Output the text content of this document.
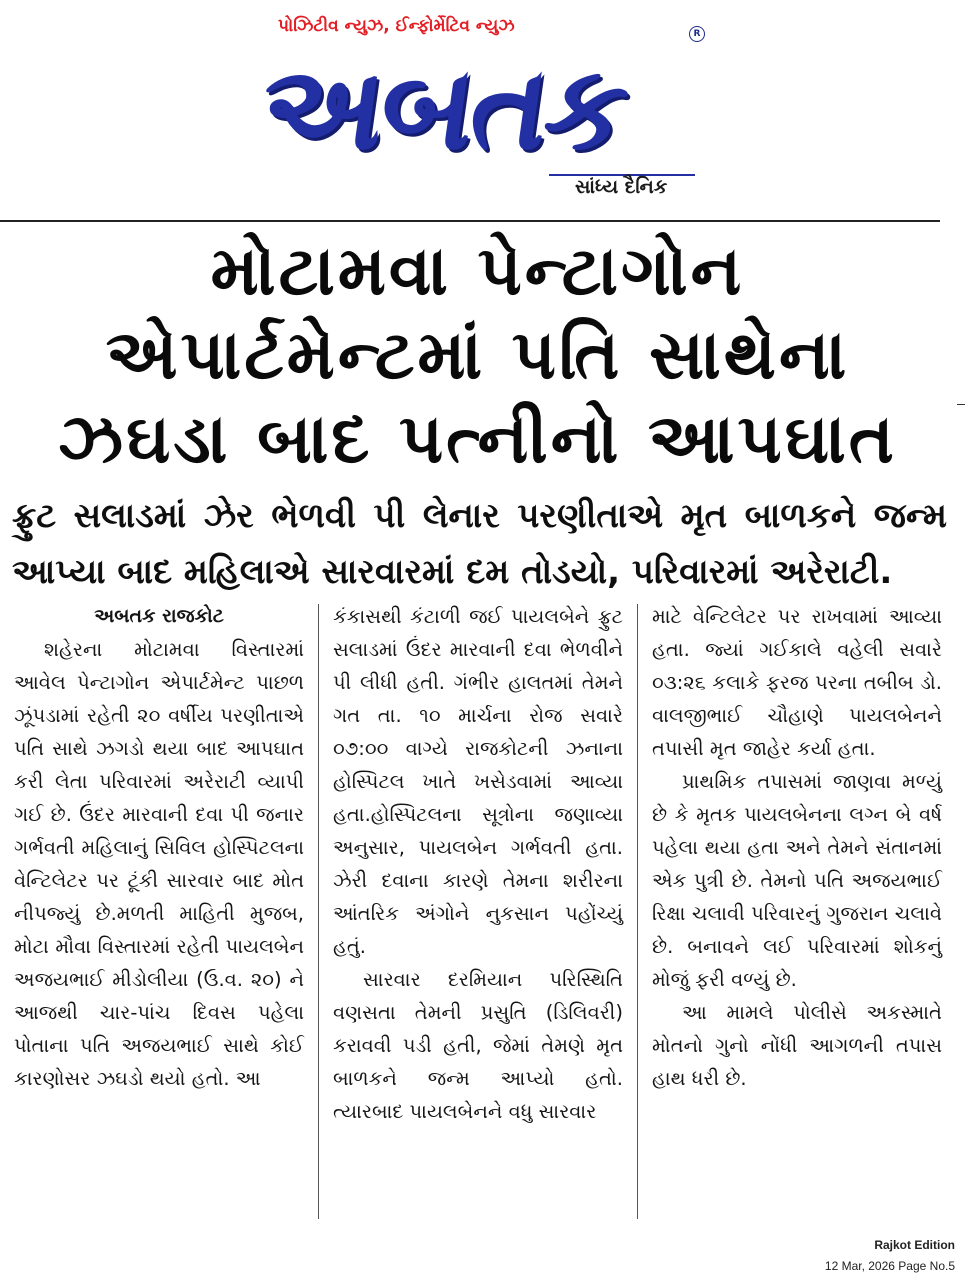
પોઝિટીવ ન્યુઝ, ઈન્ફોર્મેટિવ ન્યુઝ	R
અબતક
સાંધ્ય દૈનિક
મોટામવા પેન્ટાગોન એપાર્ટમેન્ટમાં પતિ સાથેના ઝઘડા બાદ પત્નીનો આપઘાત
ફ્રુટ સલાડમાં ઝેર ભેળવી પી લેનાર પરણીતાએ મૃત બાળકને જન્મ આપ્યા બાદ મહિલાએ સારવારમાં દમ તોડયો, પરિવારમાં અરેરાટી.
અબતક રાજકોટ

શહેરના મોટામવા વિસ્તારમાં આવેલ પેન્ટાગોન એપાર્ટમેન્ટ પાછળ ઝૂંપડામાં રહેતી ૨૦ વર્ષીય પરણીતાએ પતિ સાથે ઝગડો થયા બાદ આપઘાત કરી લેતા પરિવારમાં અરેરાટી વ્યાપી ગઈ છે. ઉંદર મારવાની દવા પી જનાર ગર્ભવતી મહિલાનું સિવિલ હોસ્પિટલના વેન્ટિલેટર પર ટૂંકી સારવાર બાદ મોત નીપજ્યું છે.મળતી માહિતી મુજબ, મોટા મૌવા વિસ્તારમાં રહેતી પાયલબેન અજયભાઈ મીડોલીયા (ઉ.વ. ૨૦) ને આજથી ચાર-પાંચ દિવસ પહેલા પોતાના પતિ અજયભાઈ સાથે કોઈ કારણોસર ઝઘડો થયો હતો. આ

કંકાસથી કંટાળી જઈ પાયલબેને ફ્રુટ સલાડમાં ઉંદર મારવાની દવા ભેળવીને પી લીધી હતી. ગંભીર હાલતમાં તેમને ગત તા. ૧૦ માર્ચના રોજ સવારે ૦૭:૦૦ વાગ્યે રાજકોટની ઝનાના હોસ્પિટલ ખાતે ખસેડવામાં આવ્યા હતા.હોસ્પિટલના સૂત્રોના જણાવ્યા અનુસાર, પાયલબેન ગર્ભવતી હતા. ઝેરી દવાના કારણે તેમના શરીરના આંતરિક અંગોને નુકસાન પહોંચ્યું હતું.

સારવાર દરમિયાન પરિસ્થિતિ વણસતા તેમની પ્રસુતિ (ડિલિવરી) કરાવવી પડી હતી, જેમાં તેમણે મૃત બાળકને જન્મ આપ્યો હતો. ત્યારબાદ પાયલબેનને વધુ સારવાર

માટે વેન્ટિલેટર પર રાખવામાં આવ્યા હતા. જ્યાં ગઈકાલે વહેલી સવારે ૦૩:૨૬ કલાકે ફરજ પરના તબીબ ડો. વાલજીભાઈ ચૌહાણે પાયલબેનને તપાસી મૃત જાહેર કર્યા હતા.

પ્રાથમિક તપાસમાં જાણવા મળ્યું છે કે મૃતક પાયલબેનના લગ્ન બે વર્ષ પહેલા થયા હતા અને તેમને સંતાનમાં એક પુત્રી છે. તેમનો પતિ અજયભાઈ રિક્ષા ચલાવી પરિવારનું ગુજરાન ચલાવે છે. બનાવને લઈ પરિવારમાં શોકનું મોજું ફરી વળ્યું છે.

આ મામલે પોલીસે અકસ્માતે મોતનો ગુનો નોંધી આગળની તપાસ હાથ ધરી છે.

Rajkot Edition
12 Mar, 2026 Page No.5
